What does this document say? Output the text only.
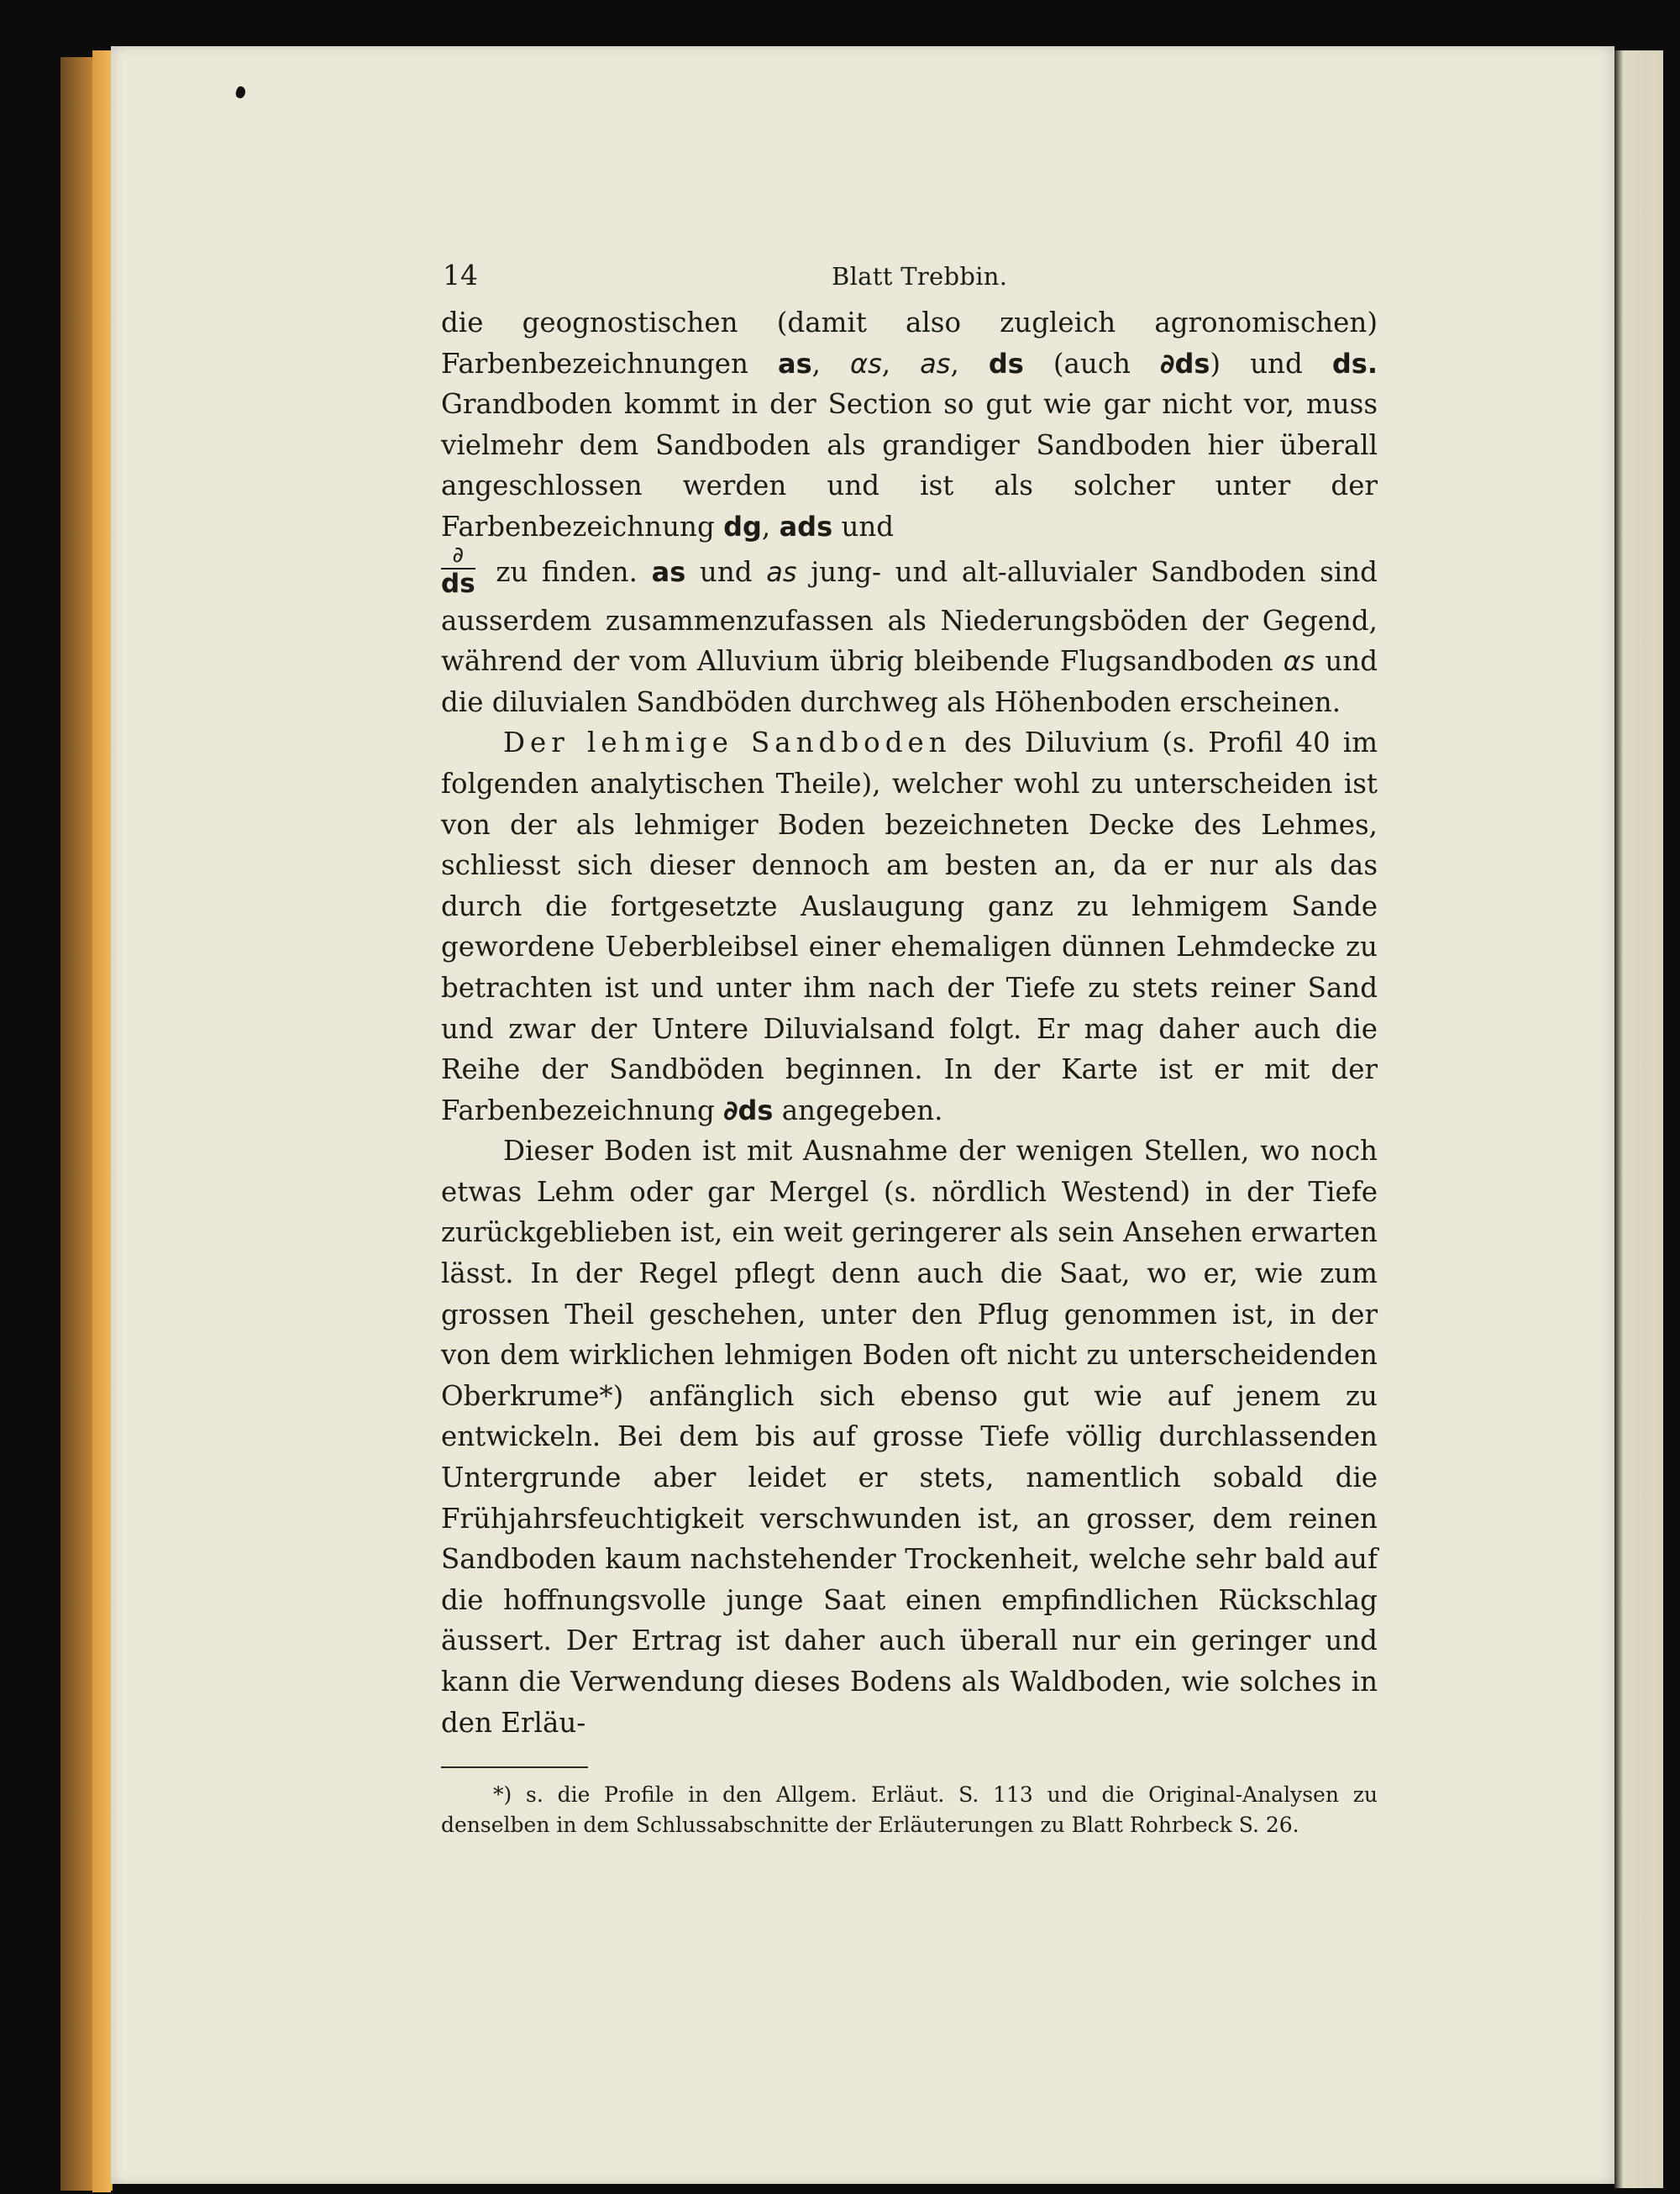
14	Blatt Trebbin.

die geognostischen (damit also zugleich agronomischen) Farbenbezeichnungen as, αs, as, ds (auch ∂ds) und ds. Grandboden kommt in der Section so gut wie gar nicht vor, muss vielmehr dem Sandboden als grandiger Sandboden hier überall angeschlossen werden und ist als solcher unter der Farbenbezeichnung dg, ads und

$\frac{\partial}{ds}$ zu finden. as und as jung- und alt-alluvialer Sandboden sind ausserdem zusammenzufassen als Niederungsböden der Gegend, während der vom Alluvium übrig bleibende Flugsandboden αs und die diluvialen Sandböden durchweg als Höhenboden erscheinen.

Der lehmige Sandboden des Diluvium (s. Profil 40 im folgenden analytischen Theile), welcher wohl zu unterscheiden ist von der als lehmiger Boden bezeichneten Decke des Lehmes, schliesst sich dieser dennoch am besten an, da er nur als das durch die fortgesetzte Auslaugung ganz zu lehmigem Sande gewordene Ueberbleibsel einer ehemaligen dünnen Lehmdecke zu betrachten ist und unter ihm nach der Tiefe zu stets reiner Sand und zwar der Untere Diluvialsand folgt. Er mag daher auch die Reihe der Sandböden beginnen. In der Karte ist er mit der Farbenbezeichnung ∂ds angegeben.

Dieser Boden ist mit Ausnahme der wenigen Stellen, wo noch etwas Lehm oder gar Mergel (s. nördlich Westend) in der Tiefe zurückgeblieben ist, ein weit geringerer als sein Ansehen erwarten lässt. In der Regel pflegt denn auch die Saat, wo er, wie zum grossen Theil geschehen, unter den Pflug genommen ist, in der von dem wirklichen lehmigen Boden oft nicht zu unterscheidenden Oberkrume*) anfänglich sich ebenso gut wie auf jenem zu entwickeln. Bei dem bis auf grosse Tiefe völlig durchlassenden Untergrunde aber leidet er stets, namentlich sobald die Frühjahrsfeuchtigkeit verschwunden ist, an grosser, dem reinen Sandboden kaum nachstehender Trockenheit, welche sehr bald auf die hoffnungsvolle junge Saat einen empfindlichen Rückschlag äussert. Der Ertrag ist daher auch überall nur ein geringer und kann die Verwendung dieses Bodens als Waldboden, wie solches in den Erläu-

*) s. die Profile in den Allgem. Erläut. S. 113 und die Original-Analysen zu denselben in dem Schlussabschnitte der Erläuterungen zu Blatt Rohrbeck S. 26.
